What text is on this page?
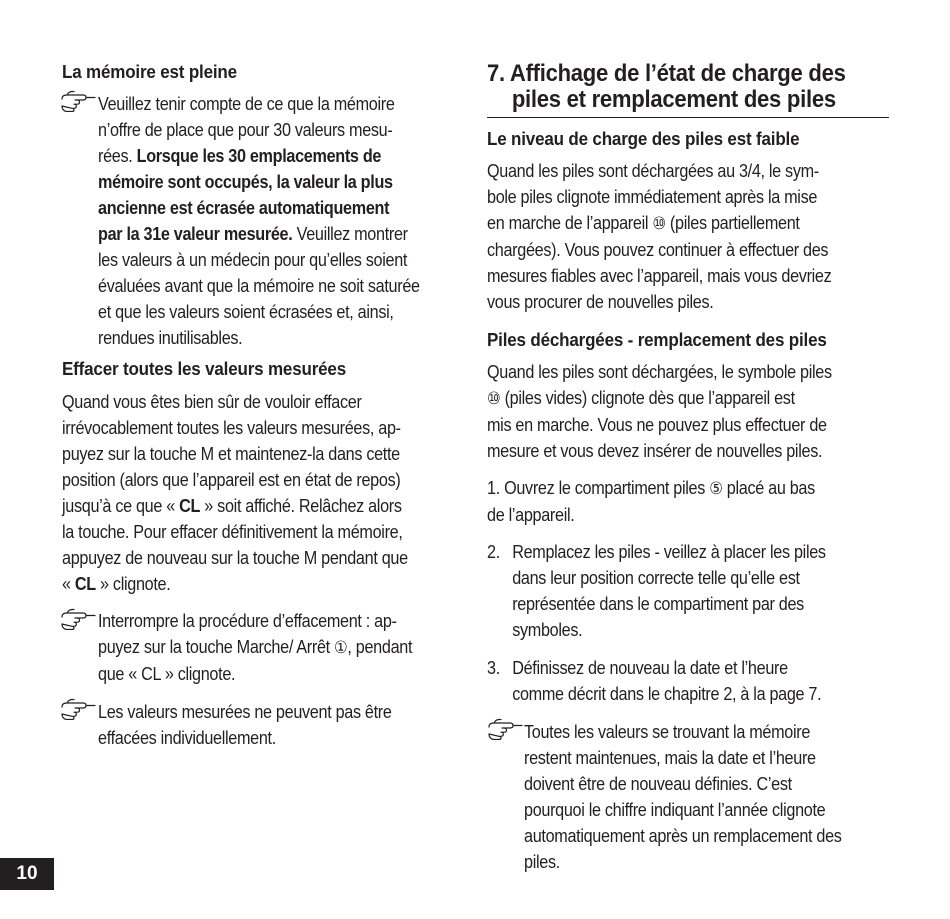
La mémoire est pleine
Veuillez tenir compte de ce que la mémoire
n’offre de place que pour 30 valeurs mesu-
rées. Lorsque les 30 emplacements de
mémoire sont occupés, la valeur la plus
ancienne est écrasée automatiquement
par la 31e valeur mesurée. Veuillez montrer
les valeurs à un médecin pour qu’elles soient
évaluées avant que la mémoire ne soit saturée
et que les valeurs soient écrasées et, ainsi,
rendues inutilisables.
Effacer toutes les valeurs mesurées
Quand vous êtes bien sûr de vouloir effacer
irrévocablement toutes les valeurs mesurées, ap-
puyez sur la touche M et maintenez-la dans cette
position (alors que l’appareil est en état de repos)
jusqu’à ce que « CL » soit affiché. Relâchez alors
la touche. Pour effacer définitivement la mémoire,
appuyez de nouveau sur la touche M pendant que
« CL » clignote.
Interrompre la procédure d’effacement : ap-
puyez sur la touche Marche/ Arrêt ①, pendant
que « CL » clignote.
Les valeurs mesurées ne peuvent pas être
effacées individuellement.
7. Affichage de l’état de charge des
piles et remplacement des piles
Le niveau de charge des piles est faible
Quand les piles sont déchargées au 3/4, le sym-
bole piles clignote immédiatement après la mise
en marche de l’appareil ⑩ (piles partiellement
chargées). Vous pouvez continuer à effectuer des
mesures fiables avec l’appareil, mais vous devriez
vous procurer de nouvelles piles.
Piles déchargées - remplacement des piles
Quand les piles sont déchargées, le symbole piles
⑩ (piles vides) clignote dès que l’appareil est
mis en marche. Vous ne pouvez plus effectuer de
mesure et vous devez insérer de nouvelles piles.
1. Ouvrez le compartiment piles ⑤ placé au bas
de l’appareil.
2. Remplacez les piles - veillez à placer les piles
dans leur position correcte telle qu’elle est
représentée dans le compartiment par des
symboles.
3. Définissez de nouveau la date et l’heure
comme décrit dans le chapitre 2, à la page 7.
Toutes les valeurs se trouvant la mémoire
restent maintenues, mais la date et l’heure
doivent être de nouveau définies. C’est
pourquoi le chiffre indiquant l’année clignote
automatiquement après un remplacement des
piles.
10
